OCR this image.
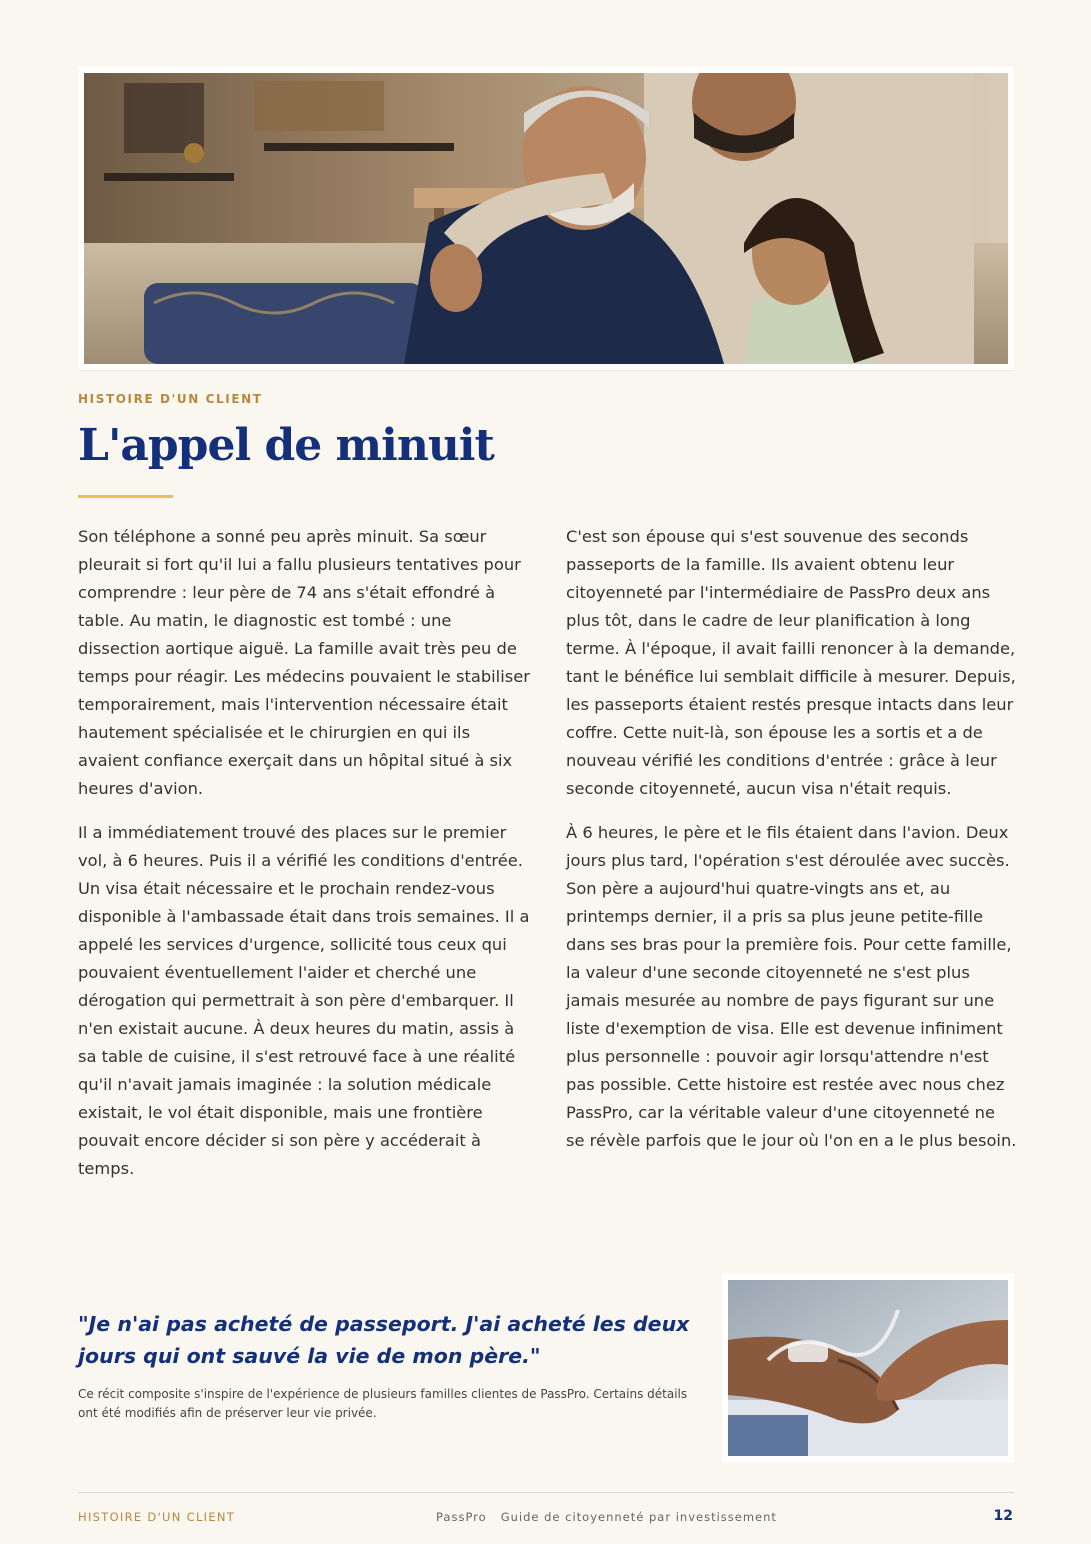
HISTOIRE D'UN CLIENT
L'appel de minuit

Son téléphone a sonné peu après minuit. Sa sœur pleurait si fort qu'il lui a fallu plusieurs tentatives pour comprendre : leur père de 74 ans s'était effondré à table. Au matin, le diagnostic est tombé : une dissection aortique aiguë. La famille avait très peu de temps pour réagir. Les médecins pouvaient le stabiliser temporairement, mais l'intervention nécessaire était hautement spécialisée et le chirurgien en qui ils avaient confiance exerçait dans un hôpital situé à six heures d'avion.

Il a immédiatement trouvé des places sur le premier vol, à 6 heures. Puis il a vérifié les conditions d'entrée. Un visa était nécessaire et le prochain rendez-vous disponible à l'ambassade était dans trois semaines. Il a appelé les services d'urgence, sollicité tous ceux qui pouvaient éventuellement l'aider et cherché une dérogation qui permettrait à son père d'embarquer. Il n'en existait aucune. À deux heures du matin, assis à sa table de cuisine, il s'est retrouvé face à une réalité qu'il n'avait jamais imaginée : la solution médicale existait, le vol était disponible, mais une frontière pouvait encore décider si son père y accéderait à temps.

C'est son épouse qui s'est souvenue des seconds passeports de la famille. Ils avaient obtenu leur citoyenneté par l'intermédiaire de PassPro deux ans plus tôt, dans le cadre de leur planification à long terme. À l'époque, il avait failli renoncer à la demande, tant le bénéfice lui semblait difficile à mesurer. Depuis, les passeports étaient restés presque intacts dans leur coffre. Cette nuit-là, son épouse les a sortis et a de nouveau vérifié les conditions d'entrée : grâce à leur seconde citoyenneté, aucun visa n'était requis.

À 6 heures, le père et le fils étaient dans l'avion. Deux jours plus tard, l'opération s'est déroulée avec succès. Son père a aujourd'hui quatre-vingts ans et, au printemps dernier, il a pris sa plus jeune petite-fille dans ses bras pour la première fois. Pour cette famille, la valeur d'une seconde citoyenneté ne s'est plus jamais mesurée au nombre de pays figurant sur une liste d'exemption de visa. Elle est devenue infiniment plus personnelle : pouvoir agir lorsqu'attendre n'est pas possible. Cette histoire est restée avec nous chez PassPro, car la véritable valeur d'une citoyenneté ne se révèle parfois que le jour où l'on en a le plus besoin.

"Je n'ai pas acheté de passeport. J'ai acheté les deux jours qui ont sauvé la vie de mon père."

Ce récit composite s'inspire de l'expérience de plusieurs familles clientes de PassPro. Certains détails ont été modifiés afin de préserver leur vie privée.

HISTOIRE D'UN CLIENT	PassPro Guide de citoyenneté par investissement	12
